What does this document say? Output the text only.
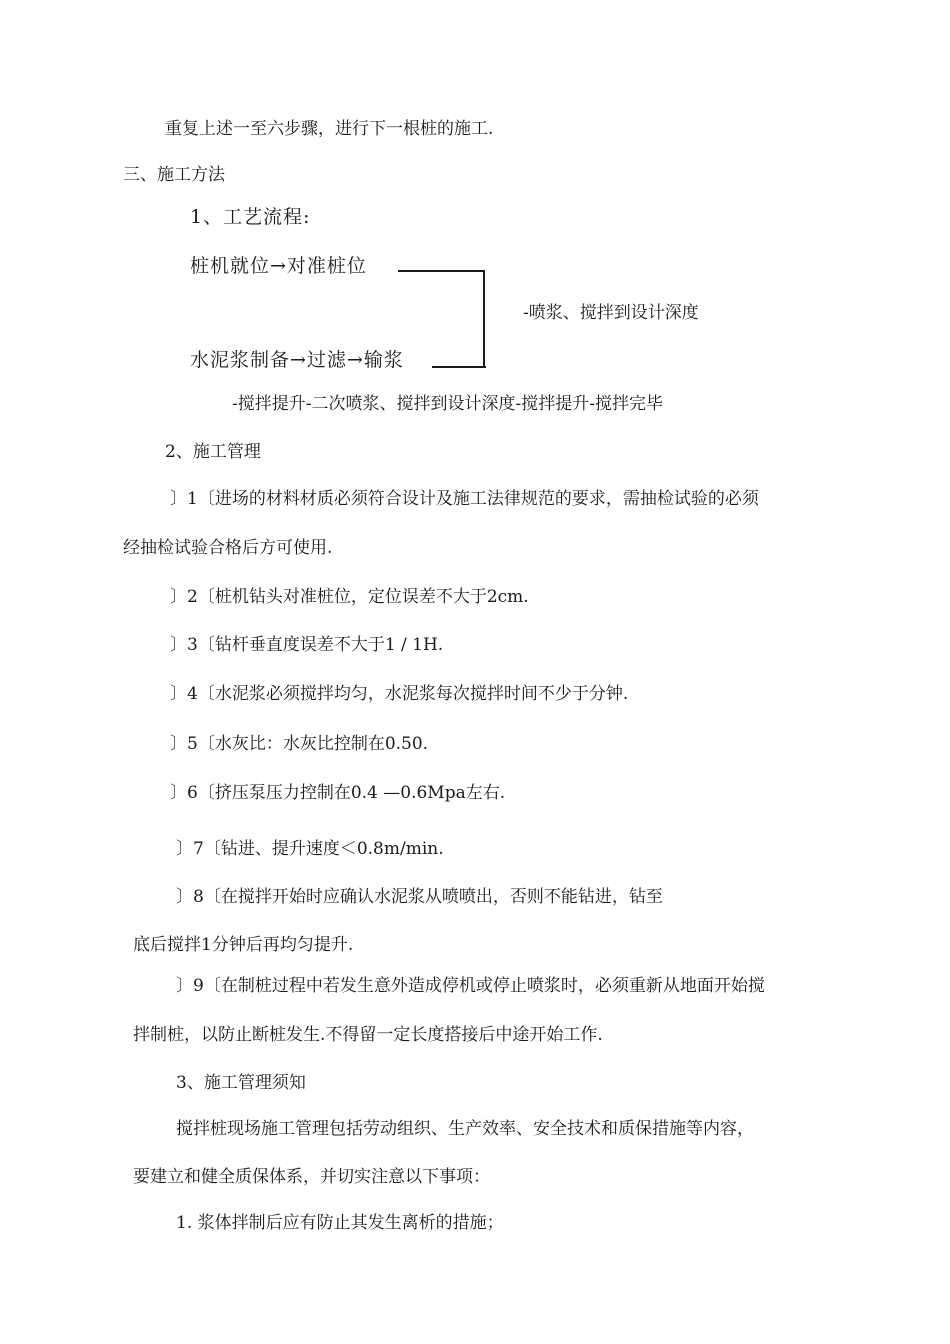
重复上述一至六步骤，进行下一根桩的施工.
三、施工方法
1、工艺流程:
桩机就位→对准桩位
水泥浆制备→过滤→输浆
-喷浆、搅拌到设计深度
-搅拌提升-二次喷浆、搅拌到设计深度-搅拌提升-搅拌完毕
2、施工管理
〕1〔进场的材料材质必须符合设计及施工法律规范的要求，需抽检试验的必须
经抽检试验合格后方可使用.
〕2〔桩机钻头对准桩位，定位误差不大于2cm.
〕3〔钻杆垂直度误差不大于1 / 1H.
〕4〔水泥浆必须搅拌均匀，水泥浆每次搅拌时间不少于分钟.
〕5〔水灰比：水灰比控制在0.50.
〕6〔挤压泵压力控制在0.4 —0.6Mpa左右.
〕7〔钻进、提升速度＜0.8m/min.
〕8〔在搅拌开始时应确认水泥浆从喷喷出，否则不能钻进，钻至
底后搅拌1分钟后再均匀提升.
〕9〔在制桩过程中若发生意外造成停机或停止喷浆时，必须重新从地面开始搅
拌制桩，以防止断桩发生.不得留一定长度搭接后中途开始工作.
3、施工管理须知
搅拌桩现场施工管理包括劳动组织、生产效率、安全技术和质保措施等内容，
要建立和健全质保体系，并切实注意以下事项：
1. 浆体拌制后应有防止其发生离析的措施；
